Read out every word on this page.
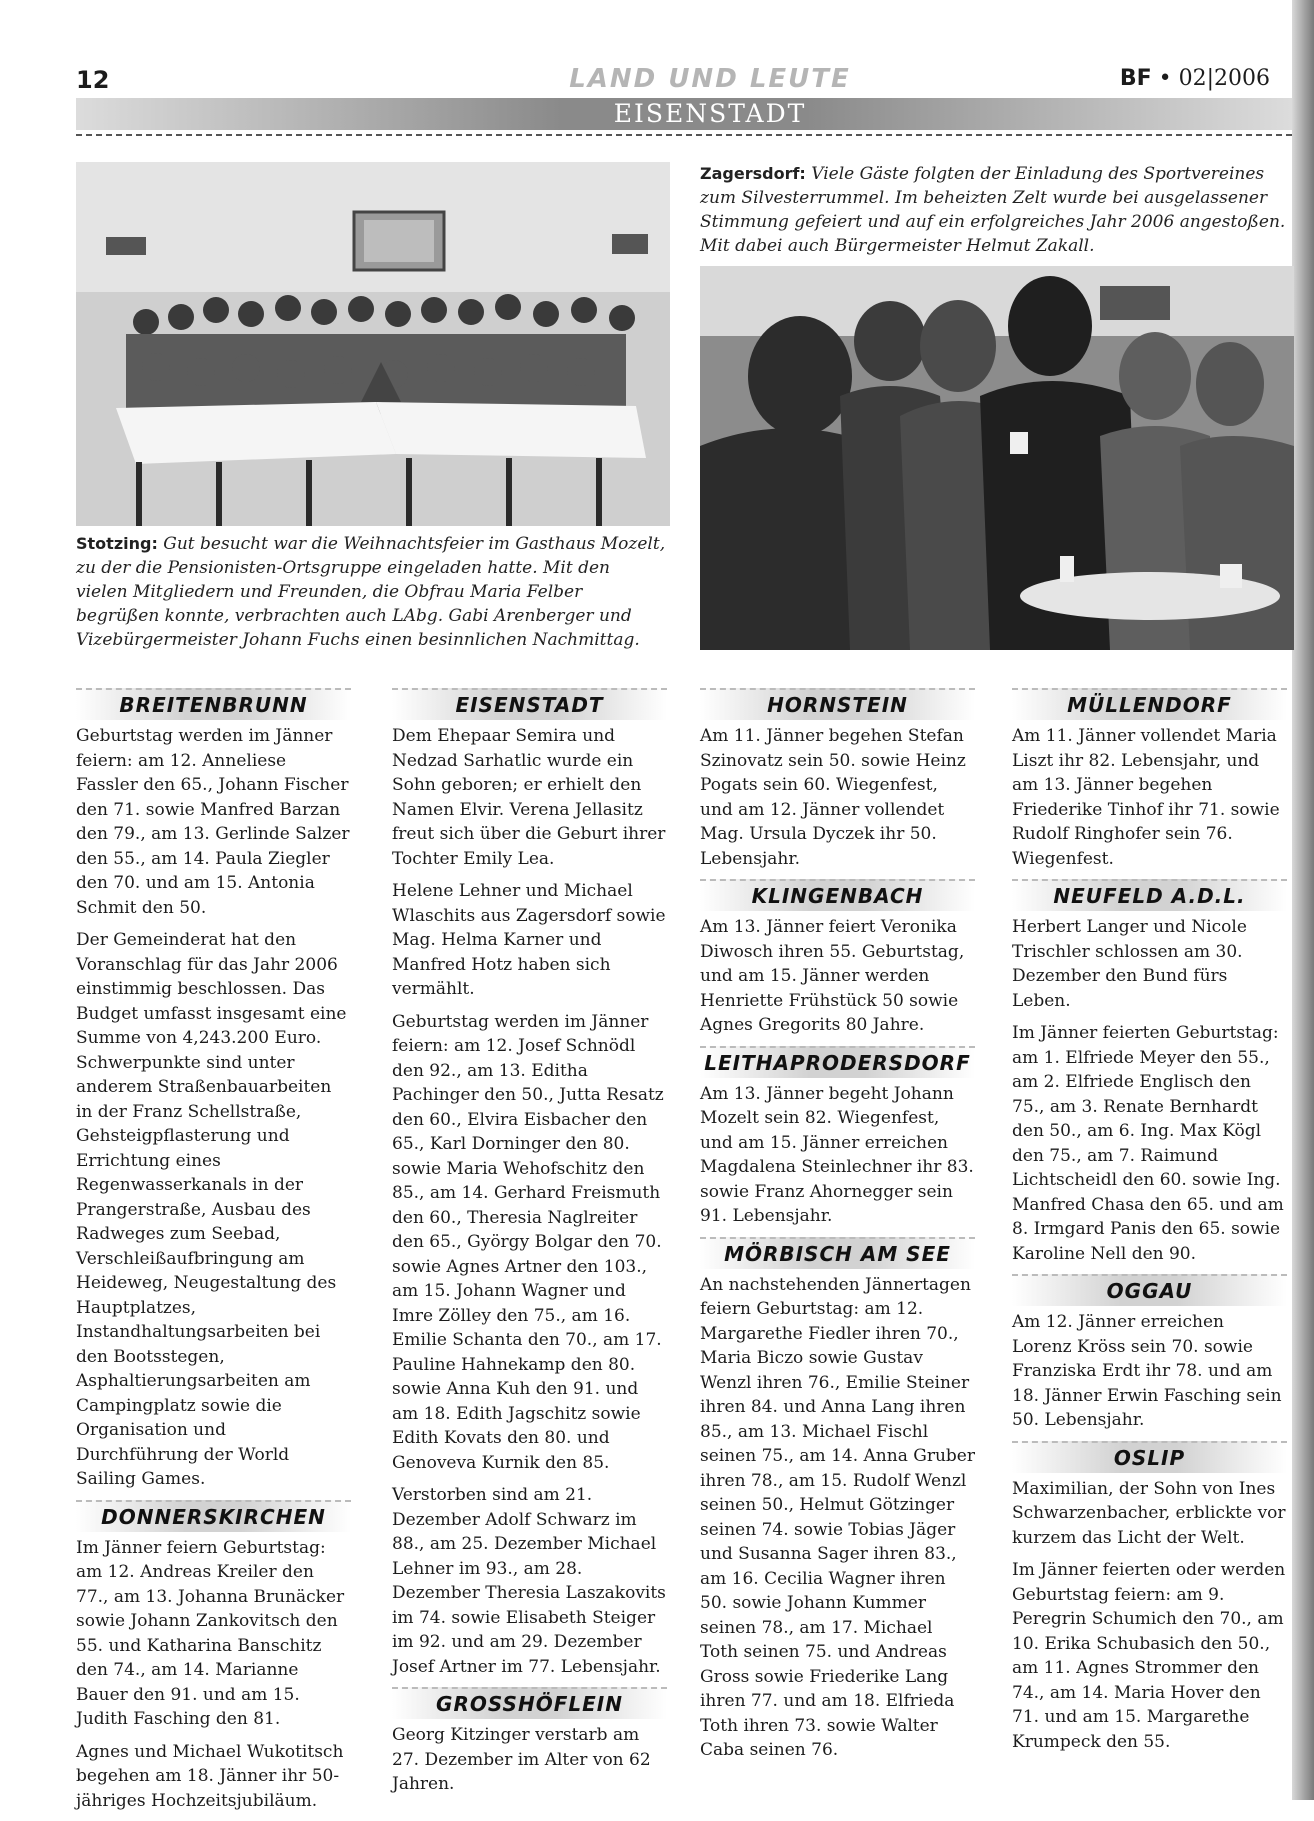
12	LAND UND LEUTE	BF • 02|2006
EISENSTADT
Stotzing: Gut besucht war die Weihnachtsfeier im Gasthaus Mozelt, zu der die Pensionisten-Ortsgruppe eingeladen hatte. Mit den vielen Mitgliedern und Freunden, die Obfrau Maria Felber begrüßen konnte, verbrachten auch LAbg. Gabi Arenberger und Vizebürgermeister Johann Fuchs einen besinnlichen Nachmittag.
Zagersdorf: Viele Gäste folgten der Einladung des Sportvereines zum Silvesterrummel. Im beheizten Zelt wurde bei ausgelassener Stimmung gefeiert und auf ein erfolgreiches Jahr 2006 angestoßen. Mit dabei auch Bürgermeister Helmut Zakall.
BREITENBRUNN

Geburtstag werden im Jänner feiern: am 12. Anneliese Fassler den 65., Johann Fischer den 71. sowie Manfred Barzan den 79., am 13. Gerlinde Salzer den 55., am 14. Paula Ziegler den 70. und am 15. Antonia Schmit den 50.

Der Gemeinderat hat den Voranschlag für das Jahr 2006 einstimmig beschlossen. Das Budget umfasst insgesamt eine Summe von 4,243.200 Euro. Schwerpunkte sind unter anderem Straßenbauarbeiten in der Franz Schellstraße, Gehsteigpflasterung und Errichtung eines Regenwasserkanals in der Prangerstraße, Ausbau des Radweges zum Seebad, Verschleißaufbringung am Heideweg, Neugestaltung des Hauptplatzes, Instandhaltungsarbeiten bei den Bootsstegen, Asphaltierungsarbeiten am Campingplatz sowie die Organisation und Durchführung der World Sailing Games.

DONNERSKIRCHEN

Im Jänner feiern Geburtstag: am 12. Andreas Kreiler den 77., am 13. Johanna Brunäcker sowie Johann Zankovitsch den 55. und Katharina Banschitz den 74., am 14. Marianne Bauer den 91. und am 15. Judith Fasching den 81.

Agnes und Michael Wukotitsch begehen am 18. Jänner ihr 50-jähriges Hochzeitsjubiläum.

EISENSTADT

Dem Ehepaar Semira und Nedzad Sarhatlic wurde ein Sohn geboren; er erhielt den Namen Elvir. Verena Jellasitz freut sich über die Geburt ihrer Tochter Emily Lea.

Helene Lehner und Michael Wlaschits aus Zagersdorf sowie Mag. Helma Karner und Manfred Hotz haben sich vermählt.

Geburtstag werden im Jänner feiern: am 12. Josef Schnödl den 92., am 13. Editha Pachinger den 50., Jutta Resatz den 60., Elvira Eisbacher den 65., Karl Dorninger den 80. sowie Maria Wehofschitz den 85., am 14. Gerhard Freismuth den 60., Theresia Naglreiter den 65., György Bolgar den 70. sowie Agnes Artner den 103., am 15. Johann Wagner und Imre Zölley den 75., am 16. Emilie Schanta den 70., am 17. Pauline Hahnekamp den 80. sowie Anna Kuh den 91. und am 18. Edith Jagschitz sowie Edith Kovats den 80. und Genoveva Kurnik den 85.

Verstorben sind am 21. Dezember Adolf Schwarz im 88., am 25. Dezember Michael Lehner im 93., am 28. Dezember Theresia Laszakovits im 74. sowie Elisabeth Steiger im 92. und am 29. Dezember Josef Artner im 77. Lebensjahr.

GROSSHÖFLEIN

Georg Kitzinger verstarb am 27. Dezember im Alter von 62 Jahren.

HORNSTEIN

Am 11. Jänner begehen Stefan Szinovatz sein 50. sowie Heinz Pogats sein 60. Wiegenfest, und am 12. Jänner vollendet Mag. Ursula Dyczek ihr 50. Lebensjahr.

KLINGENBACH

Am 13. Jänner feiert Veronika Diwosch ihren 55. Geburtstag, und am 15. Jänner werden Henriette Frühstück 50 sowie Agnes Gregorits 80 Jahre.

LEITHAPRODERSDORF

Am 13. Jänner begeht Johann Mozelt sein 82. Wiegenfest, und am 15. Jänner erreichen Magdalena Steinlechner ihr 83. sowie Franz Ahornegger sein 91. Lebensjahr.

MÖRBISCH AM SEE

An nachstehenden Jännertagen feiern Geburtstag: am 12. Margarethe Fiedler ihren 70., Maria Biczo sowie Gustav Wenzl ihren 76., Emilie Steiner ihren 84. und Anna Lang ihren 85., am 13. Michael Fischl seinen 75., am 14. Anna Gruber ihren 78., am 15. Rudolf Wenzl seinen 50., Helmut Götzinger seinen 74. sowie Tobias Jäger und Susanna Sager ihren 83., am 16. Cecilia Wagner ihren 50. sowie Johann Kummer seinen 78., am 17. Michael Toth seinen 75. und Andreas Gross sowie Friederike Lang ihren 77. und am 18. Elfrieda Toth ihren 73. sowie Walter Caba seinen 76.

MÜLLENDORF

Am 11. Jänner vollendet Maria Liszt ihr 82. Lebensjahr, und am 13. Jänner begehen Friederike Tinhof ihr 71. sowie Rudolf Ringhofer sein 76. Wiegenfest.

NEUFELD A.D.L.

Herbert Langer und Nicole Trischler schlossen am 30. Dezember den Bund fürs Leben.

Im Jänner feierten Geburtstag: am 1. Elfriede Meyer den 55., am 2. Elfriede Englisch den 75., am 3. Renate Bernhardt den 50., am 6. Ing. Max Kögl den 75., am 7. Raimund Lichtscheidl den 60. sowie Ing. Manfred Chasa den 65. und am 8. Irmgard Panis den 65. sowie Karoline Nell den 90.

OGGAU

Am 12. Jänner erreichen Lorenz Kröss sein 70. sowie Franziska Erdt ihr 78. und am 18. Jänner Erwin Fasching sein 50. Lebensjahr.

OSLIP

Maximilian, der Sohn von Ines Schwarzenbacher, erblickte vor kurzem das Licht der Welt.

Im Jänner feierten oder werden Geburtstag feiern: am 9. Peregrin Schumich den 70., am 10. Erika Schubasich den 50., am 11. Agnes Strommer den 74., am 14. Maria Hover den 71. und am 15. Margarethe Krumpeck den 55.
